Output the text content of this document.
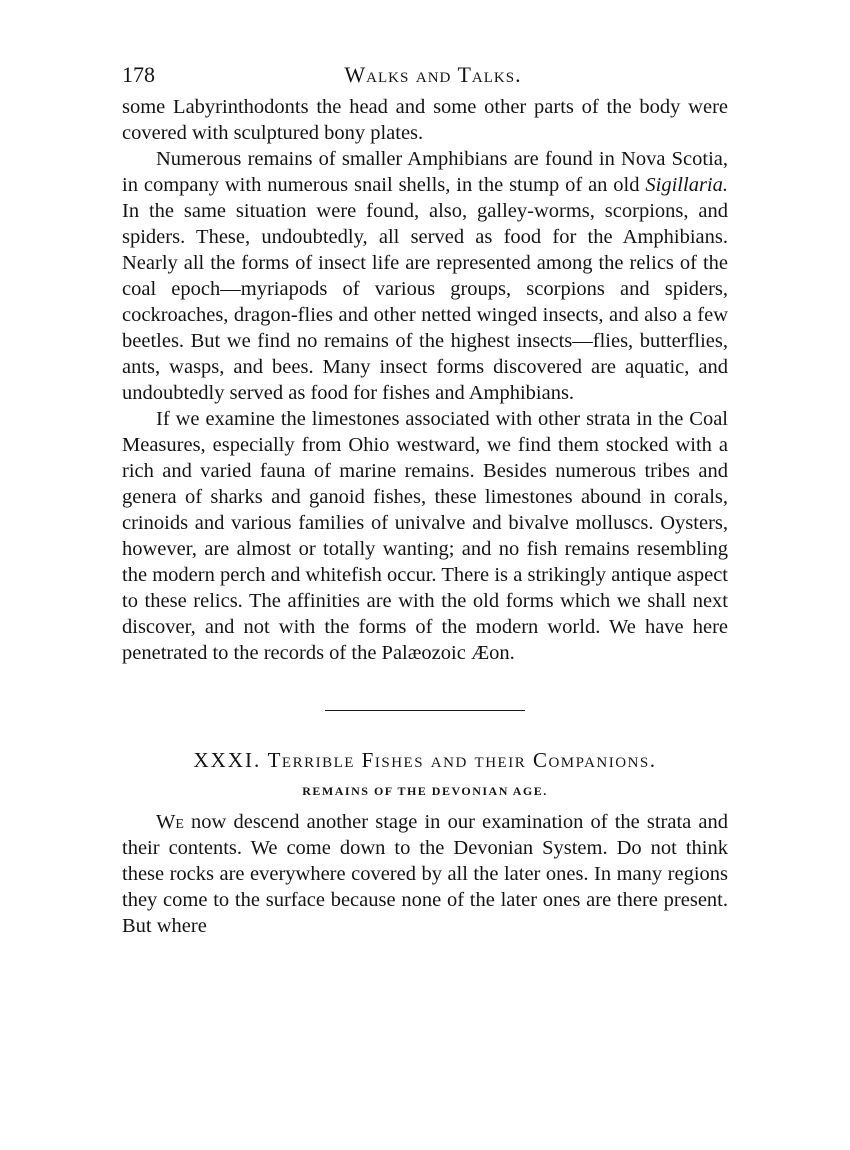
178	Walks and Talks.

some Labyrinthodonts the head and some other parts of the body were covered with sculptured bony plates.

Numerous remains of smaller Amphibians are found in Nova Scotia, in company with numerous snail shells, in the stump of an old Sigillaria. In the same situation were found, also, galley-worms, scorpions, and spiders. These, undoubtedly, all served as food for the Amphibians. Nearly all the forms of insect life are represented among the relics of the coal epoch—myriapods of various groups, scorpions and spiders, cockroaches, dragon-flies and other netted winged insects, and also a few beetles. But we find no remains of the highest insects—flies, butterflies, ants, wasps, and bees. Many insect forms discovered are aquatic, and undoubtedly served as food for fishes and Amphibians.

If we examine the limestones associated with other strata in the Coal Measures, especially from Ohio westward, we find them stocked with a rich and varied fauna of marine remains. Besides numerous tribes and genera of sharks and ganoid fishes, these limestones abound in corals, crinoids and various families of univalve and bivalve molluscs. Oysters, however, are almost or totally wanting; and no fish remains resembling the modern perch and whitefish occur. There is a strikingly antique aspect to these relics. The affinities are with the old forms which we shall next discover, and not with the forms of the modern world. We have here penetrated to the records of the Palæozoic Æon.

XXXI. Terrible Fishes and their Companions.
REMAINS OF THE DEVONIAN AGE.

We now descend another stage in our examination of the strata and their contents. We come down to the Devonian System. Do not think these rocks are everywhere covered by all the later ones. In many regions they come to the surface because none of the later ones are there present. But where
